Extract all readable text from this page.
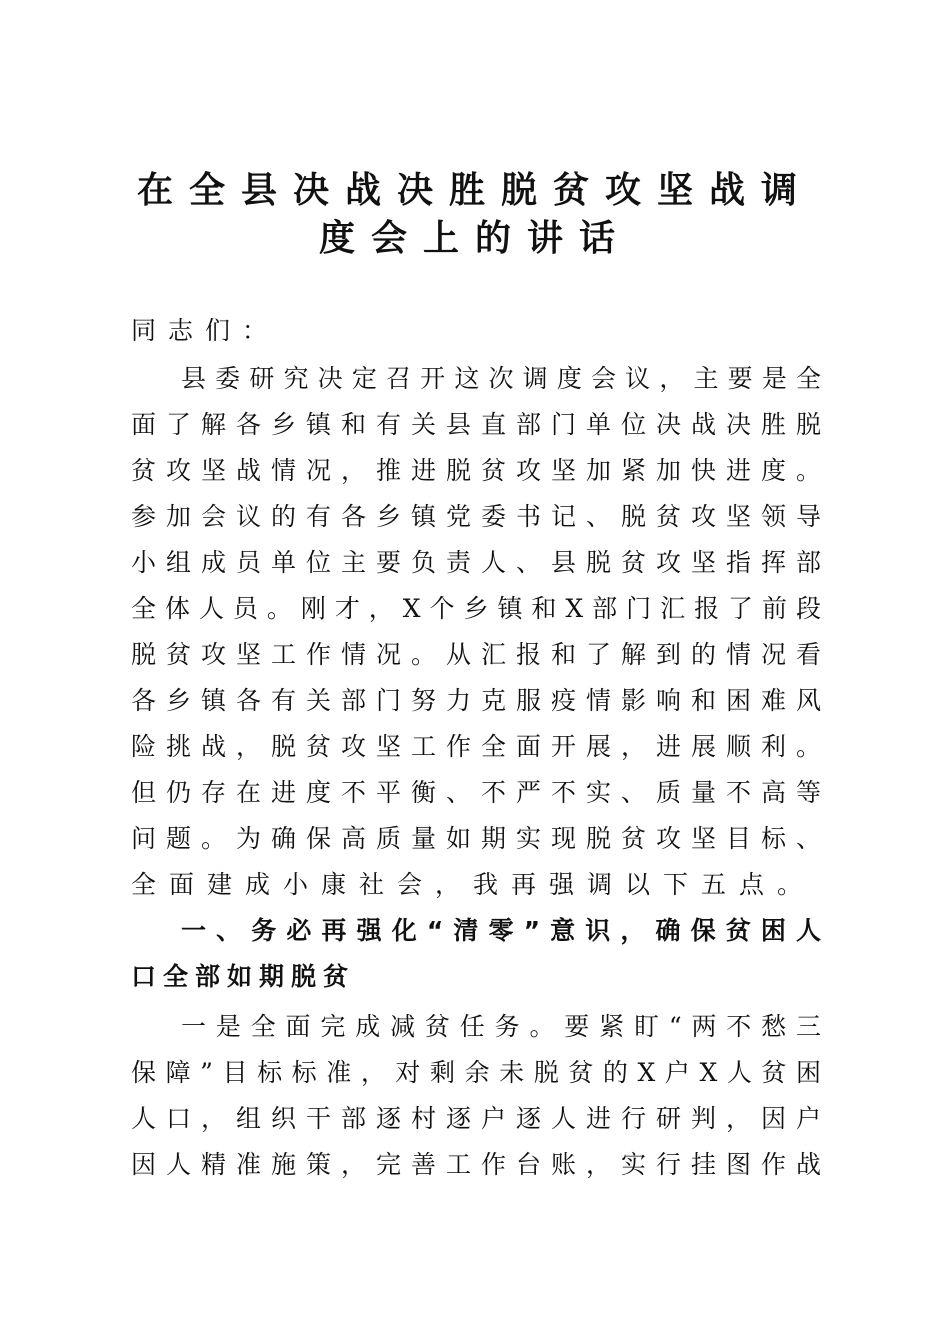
在全县决战决胜脱贫攻坚战调
度会上的讲话
同志们：
县委研究决定召开这次调度会议，主要是全
面了解各乡镇和有关县直部门单位决战决胜脱
贫攻坚战情况，推进脱贫攻坚加紧加快进度。
参加会议的有各乡镇党委书记、脱贫攻坚领导
小组成员单位主要负责人、县脱贫攻坚指挥部
全体人员。刚才，X个乡镇和X部门汇报了前段
脱贫攻坚工作情况。从汇报和了解到的情况看
各乡镇各有关部门努力克服疫情影响和困难风
险挑战，脱贫攻坚工作全面开展，进展顺利。
但仍存在进度不平衡、不严不实、质量不高等
问题。为确保高质量如期实现脱贫攻坚目标、
全面建成小康社会，我再强调以下五点。
一、务必再强化“清零”意识，确保贫困人
口全部如期脱贫
一是全面完成减贫任务。要紧盯“两不愁三
保障”目标标准，对剩余未脱贫的X户X人贫困
人口，组织干部逐村逐户逐人进行研判，因户
因人精准施策，完善工作台账，实行挂图作战
